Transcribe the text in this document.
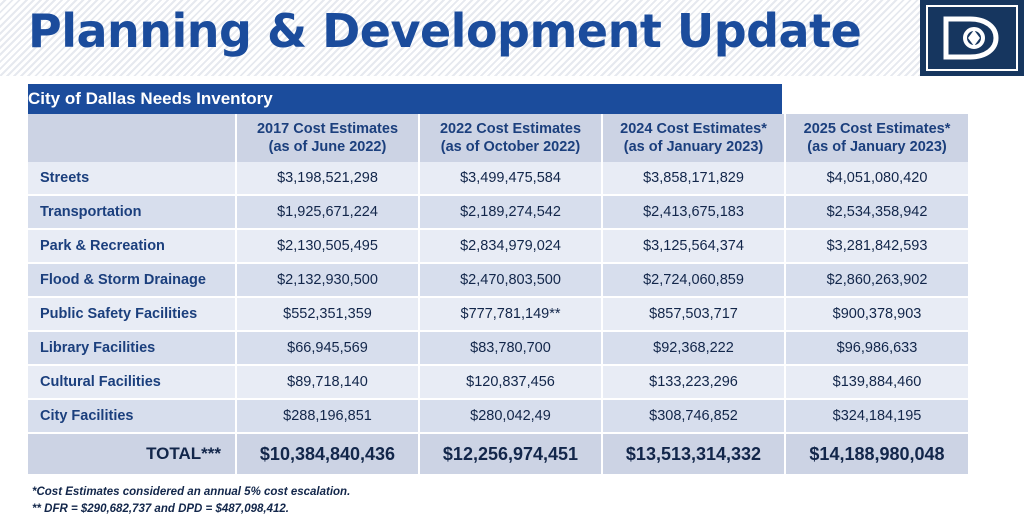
Planning & Development Update
City of Dallas Needs Inventory				

2017 Cost Estimates
(as of June 2022)

2022 Cost Estimates
(as of October 2022)

2024 Cost Estimates*
(as of January 2023)

2025 Cost Estimates*
(as of January 2023)

Streets	$3,198,521,298	$3,499,475,584	$3,858,171,829	$4,051,080,420
Transportation	$1,925,671,224	$2,189,274,542	$2,413,675,183	$2,534,358,942
Park & Recreation	$2,130,505,495	$2,834,979,024	$3,125,564,374	$3,281,842,593
Flood & Storm Drainage	$2,132,930,500	$2,470,803,500	$2,724,060,859	$2,860,263,902
Public Safety Facilities	$552,351,359	$777,781,149**	$857,503,717	$900,378,903
Library Facilities	$66,945,569	$83,780,700	$92,368,222	$96,986,633
Cultural Facilities	$89,718,140	$120,837,456	$133,223,296	$139,884,460
City Facilities	$288,196,851	$280,042,49	$308,746,852	$324,184,195
TOTAL***	$10,384,840,436	$12,256,974,451	$13,513,314,332	$14,188,980,048
*Cost Estimates considered an annual 5% cost escalation.
** DFR = $290,682,737 and DPD = $487,098,412.
